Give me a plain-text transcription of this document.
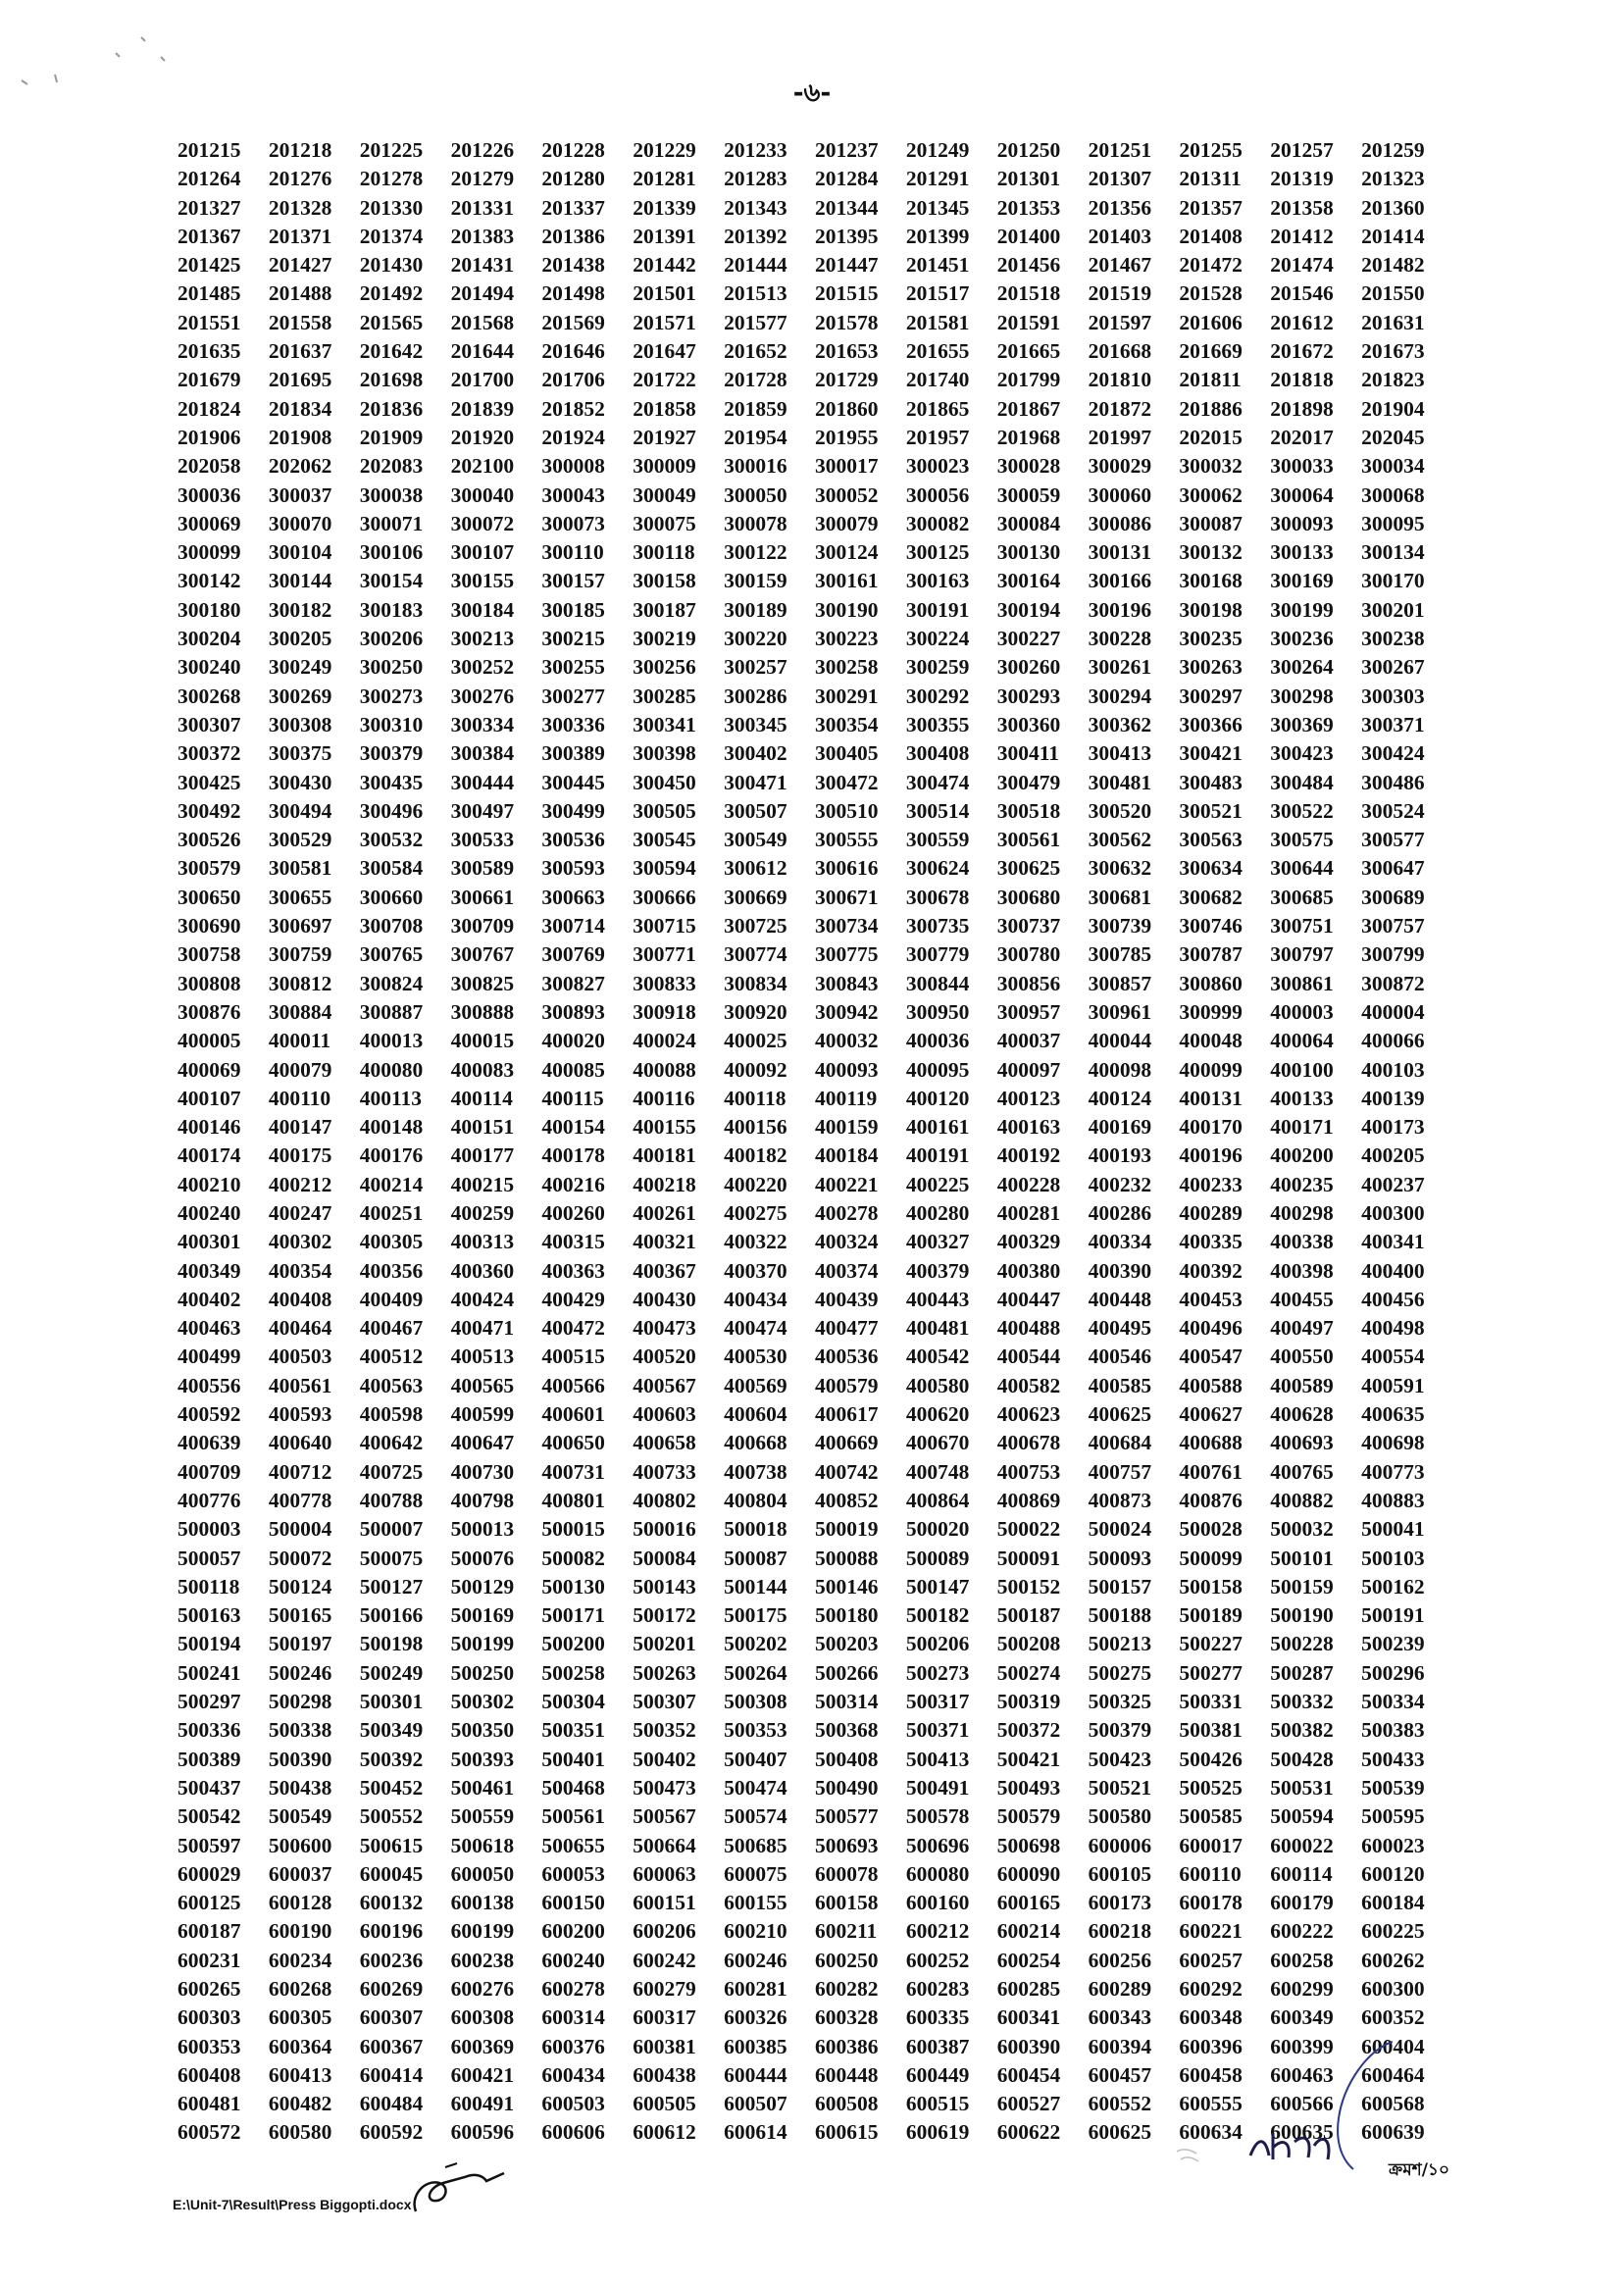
-৬-
201215	201218	201225	201226	201228	201229	201233	201237	201249	201250	201251	201255	201257	201259
201264	201276	201278	201279	201280	201281	201283	201284	201291	201301	201307	201311	201319	201323
201327	201328	201330	201331	201337	201339	201343	201344	201345	201353	201356	201357	201358	201360
201367	201371	201374	201383	201386	201391	201392	201395	201399	201400	201403	201408	201412	201414
201425	201427	201430	201431	201438	201442	201444	201447	201451	201456	201467	201472	201474	201482
201485	201488	201492	201494	201498	201501	201513	201515	201517	201518	201519	201528	201546	201550
201551	201558	201565	201568	201569	201571	201577	201578	201581	201591	201597	201606	201612	201631
201635	201637	201642	201644	201646	201647	201652	201653	201655	201665	201668	201669	201672	201673
201679	201695	201698	201700	201706	201722	201728	201729	201740	201799	201810	201811	201818	201823
201824	201834	201836	201839	201852	201858	201859	201860	201865	201867	201872	201886	201898	201904
201906	201908	201909	201920	201924	201927	201954	201955	201957	201968	201997	202015	202017	202045
202058	202062	202083	202100	300008	300009	300016	300017	300023	300028	300029	300032	300033	300034
300036	300037	300038	300040	300043	300049	300050	300052	300056	300059	300060	300062	300064	300068
300069	300070	300071	300072	300073	300075	300078	300079	300082	300084	300086	300087	300093	300095
300099	300104	300106	300107	300110	300118	300122	300124	300125	300130	300131	300132	300133	300134
300142	300144	300154	300155	300157	300158	300159	300161	300163	300164	300166	300168	300169	300170
300180	300182	300183	300184	300185	300187	300189	300190	300191	300194	300196	300198	300199	300201
300204	300205	300206	300213	300215	300219	300220	300223	300224	300227	300228	300235	300236	300238
300240	300249	300250	300252	300255	300256	300257	300258	300259	300260	300261	300263	300264	300267
300268	300269	300273	300276	300277	300285	300286	300291	300292	300293	300294	300297	300298	300303
300307	300308	300310	300334	300336	300341	300345	300354	300355	300360	300362	300366	300369	300371
300372	300375	300379	300384	300389	300398	300402	300405	300408	300411	300413	300421	300423	300424
300425	300430	300435	300444	300445	300450	300471	300472	300474	300479	300481	300483	300484	300486
300492	300494	300496	300497	300499	300505	300507	300510	300514	300518	300520	300521	300522	300524
300526	300529	300532	300533	300536	300545	300549	300555	300559	300561	300562	300563	300575	300577
300579	300581	300584	300589	300593	300594	300612	300616	300624	300625	300632	300634	300644	300647
300650	300655	300660	300661	300663	300666	300669	300671	300678	300680	300681	300682	300685	300689
300690	300697	300708	300709	300714	300715	300725	300734	300735	300737	300739	300746	300751	300757
300758	300759	300765	300767	300769	300771	300774	300775	300779	300780	300785	300787	300797	300799
300808	300812	300824	300825	300827	300833	300834	300843	300844	300856	300857	300860	300861	300872
300876	300884	300887	300888	300893	300918	300920	300942	300950	300957	300961	300999	400003	400004
400005	400011	400013	400015	400020	400024	400025	400032	400036	400037	400044	400048	400064	400066
400069	400079	400080	400083	400085	400088	400092	400093	400095	400097	400098	400099	400100	400103
400107	400110	400113	400114	400115	400116	400118	400119	400120	400123	400124	400131	400133	400139
400146	400147	400148	400151	400154	400155	400156	400159	400161	400163	400169	400170	400171	400173
400174	400175	400176	400177	400178	400181	400182	400184	400191	400192	400193	400196	400200	400205
400210	400212	400214	400215	400216	400218	400220	400221	400225	400228	400232	400233	400235	400237
400240	400247	400251	400259	400260	400261	400275	400278	400280	400281	400286	400289	400298	400300
400301	400302	400305	400313	400315	400321	400322	400324	400327	400329	400334	400335	400338	400341
400349	400354	400356	400360	400363	400367	400370	400374	400379	400380	400390	400392	400398	400400
400402	400408	400409	400424	400429	400430	400434	400439	400443	400447	400448	400453	400455	400456
400463	400464	400467	400471	400472	400473	400474	400477	400481	400488	400495	400496	400497	400498
400499	400503	400512	400513	400515	400520	400530	400536	400542	400544	400546	400547	400550	400554
400556	400561	400563	400565	400566	400567	400569	400579	400580	400582	400585	400588	400589	400591
400592	400593	400598	400599	400601	400603	400604	400617	400620	400623	400625	400627	400628	400635
400639	400640	400642	400647	400650	400658	400668	400669	400670	400678	400684	400688	400693	400698
400709	400712	400725	400730	400731	400733	400738	400742	400748	400753	400757	400761	400765	400773
400776	400778	400788	400798	400801	400802	400804	400852	400864	400869	400873	400876	400882	400883
500003	500004	500007	500013	500015	500016	500018	500019	500020	500022	500024	500028	500032	500041
500057	500072	500075	500076	500082	500084	500087	500088	500089	500091	500093	500099	500101	500103
500118	500124	500127	500129	500130	500143	500144	500146	500147	500152	500157	500158	500159	500162
500163	500165	500166	500169	500171	500172	500175	500180	500182	500187	500188	500189	500190	500191
500194	500197	500198	500199	500200	500201	500202	500203	500206	500208	500213	500227	500228	500239
500241	500246	500249	500250	500258	500263	500264	500266	500273	500274	500275	500277	500287	500296
500297	500298	500301	500302	500304	500307	500308	500314	500317	500319	500325	500331	500332	500334
500336	500338	500349	500350	500351	500352	500353	500368	500371	500372	500379	500381	500382	500383
500389	500390	500392	500393	500401	500402	500407	500408	500413	500421	500423	500426	500428	500433
500437	500438	500452	500461	500468	500473	500474	500490	500491	500493	500521	500525	500531	500539
500542	500549	500552	500559	500561	500567	500574	500577	500578	500579	500580	500585	500594	500595
500597	500600	500615	500618	500655	500664	500685	500693	500696	500698	600006	600017	600022	600023
600029	600037	600045	600050	600053	600063	600075	600078	600080	600090	600105	600110	600114	600120
600125	600128	600132	600138	600150	600151	600155	600158	600160	600165	600173	600178	600179	600184
600187	600190	600196	600199	600200	600206	600210	600211	600212	600214	600218	600221	600222	600225
600231	600234	600236	600238	600240	600242	600246	600250	600252	600254	600256	600257	600258	600262
600265	600268	600269	600276	600278	600279	600281	600282	600283	600285	600289	600292	600299	600300
600303	600305	600307	600308	600314	600317	600326	600328	600335	600341	600343	600348	600349	600352
600353	600364	600367	600369	600376	600381	600385	600386	600387	600390	600394	600396	600399	600404
600408	600413	600414	600421	600434	600438	600444	600448	600449	600454	600457	600458	600463	600464
600481	600482	600484	600491	600503	600505	600507	600508	600515	600527	600552	600555	600566	600568
600572	600580	600592	600596	600606	600612	600614	600615	600619	600622	600625	600634	600635	600639
ক্রমশ/১০
E:\Unit-7\Result\Press Biggopti.docx
